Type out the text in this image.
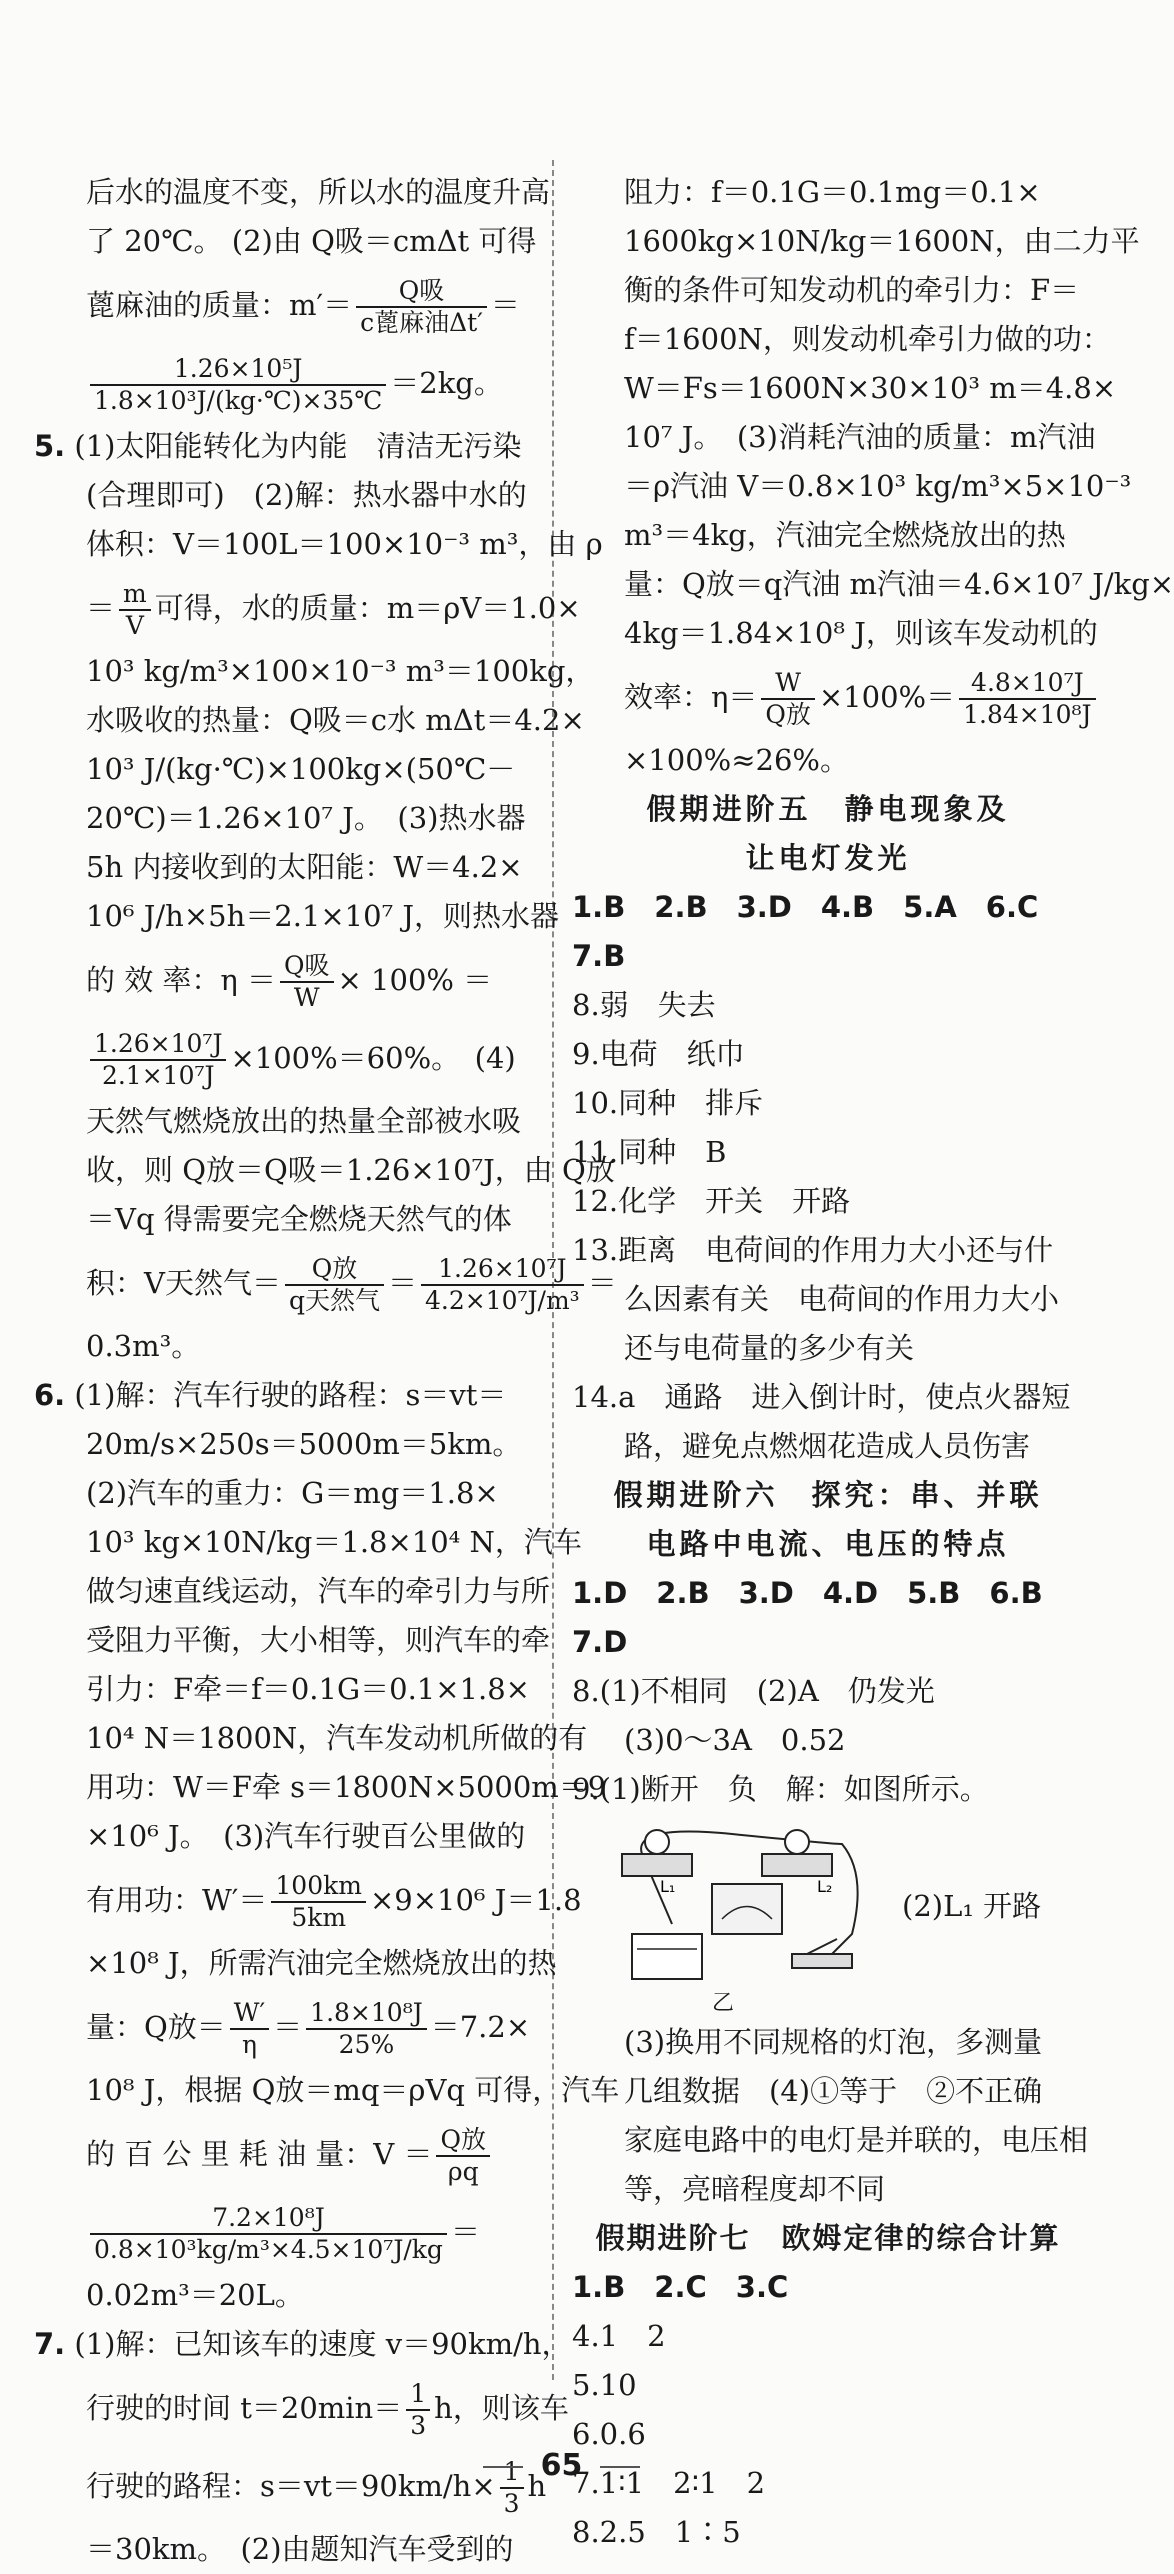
后水的温度不变，所以水的温度升高
了 20℃。 (2)由 Q吸＝cmΔt 可得
蓖麻油的质量：$m'= \frac{\text{Q吸}}{\text{c蓖麻油Δt′}}$ ＝
$\frac{\text{1.26×10⁵J}}{\text{1.8×10³J/(kg·℃)×35℃}} =2kg$。
5. (1)太阳能转化为内能　清洁无污染
(合理即可)　(2)解：热水器中水的
体积：V＝100L＝100×10⁻³ m³，由 ρ
＝ $\frac{m}{V}$ 可得，水的质量：m＝ρV＝1.0×
10³ kg/m³×100×10⁻³ m³＝100kg，
水吸收的热量：Q吸＝c水 mΔt＝4.2×
10³ J/(kg·℃)×100kg×(50℃－
20℃)＝1.26×10⁷ J。　(3)热水器
5h 内接收到的太阳能：W＝4.2×
10⁶ J/h×5h＝2.1×10⁷ J，则热水器
的 效 率：$\eta = \frac{\text{Q吸}}{W} \times 100\%$ ＝
$\frac{\text{1.26×10⁷J}}{\text{2.1×10⁷J}} \times 100\%=60\%$。　(4)
天然气燃烧放出的热量全部被水吸
收，则 Q放＝Q吸＝1.26×10⁷J，由 Q放
＝Vq 得需要完全燃烧天然气的体
积：V天然气＝ $\frac{\text{Q放}}{\text{q天然气}} = \frac{\text{1.26×10⁷J}}{\text{4.2×10⁷J/m³}}$ ＝
0.3m³。
6. (1)解：汽车行驶的路程：s＝vt＝
20m/s×250s＝5000m＝5km。
(2)汽车的重力：G＝mg＝1.8×
10³ kg×10N/kg＝1.8×10⁴ N，汽车
做匀速直线运动，汽车的牵引力与所
受阻力平衡，大小相等，则汽车的牵
引力：F牵＝f＝0.1G＝0.1×1.8×
10⁴ N＝1800N，汽车发动机所做的有
用功：W＝F牵 s＝1800N×5000m＝9
×10⁶ J。　(3)汽车行驶百公里做的
有用功：$W'= \frac{100km}{5km} \times 9\times 10^6$ J＝1.8
×10⁸ J，所需汽油完全燃烧放出的热
量：Q放＝ $\frac{W'}{\eta} = \frac{\text{1.8×10⁸J}}{25\%} =7.2\times$
10⁸ J，根据 Q放＝mq＝ρVq 可得，汽车
的 百 公 里 耗 油 量：$V = \frac{\text{Q放}}{\rho q}$
$\frac{\text{7.2×10⁸J}}{\text{0.8×10³kg/m³×4.5×10⁷J/kg}}$ ＝
0.02m³＝20L。
7. (1)解：已知该车的速度 v＝90km/h，
行驶的时间 $t=20\min= \frac{1}{3}$ h，则该车
行驶的路程：$s=vt=90km/h\times \frac{1}{3}$ h
＝30km。　(2)由题知汽车受到的
阻力：f＝0.1G＝0.1mg＝0.1×
1600kg×10N/kg＝1600N，由二力平
衡的条件可知发动机的牵引力：F＝
f＝1600N，则发动机牵引力做的功：
W＝Fs＝1600N×30×10³ m＝4.8×
10⁷ J。　(3)消耗汽油的质量：m汽油
＝ρ汽油 V＝0.8×10³ kg/m³×5×10⁻³
m³＝4kg，汽油完全燃烧放出的热
量：Q放＝q汽油 m汽油＝4.6×10⁷ J/kg×
4kg＝1.84×10⁸ J，则该车发动机的
效率：$\eta= \frac{W}{\text{Q放}} \times 100\%= \frac{\text{4.8×10⁷J}}{\text{1.84×10⁸J}}$
×100%≈26%。
假期进阶五　静电现象及
让电灯发光
1.B　2.B　3.D　4.B　5.A　6.C
7.B
8.弱　失去
9.电荷　纸巾
10.同种　排斥
11.同种　B
12.化学　开关　开路
13.距离　电荷间的作用力大小还与什
么因素有关　电荷间的作用力大小
还与电荷量的多少有关
14.a　通路　进入倒计时，使点火器短
路，避免点燃烟花造成人员伤害
假期进阶六　探究：串、并联
电路中电流、电压的特点
1.D　2.B　3.D　4.D　5.B　6.B
7.D
8.(1)不相同　(2)A　仍发光
(3)0～3A　0.52
9.(1)断开　负　解：如图所示。
L₁	L₂
(2)L₁ 开路
乙
(3)换用不同规格的灯泡，多测量
几组数据　(4)①等于　②不正确
家庭电路中的电灯是并联的，电压相
等，亮暗程度却不同
假期进阶七　欧姆定律的综合计算
1.B　2.C　3.C
4.1　2
5.10
6.0.6
7.1∶1　2∶1　2
8.2.5　1∶5
65
